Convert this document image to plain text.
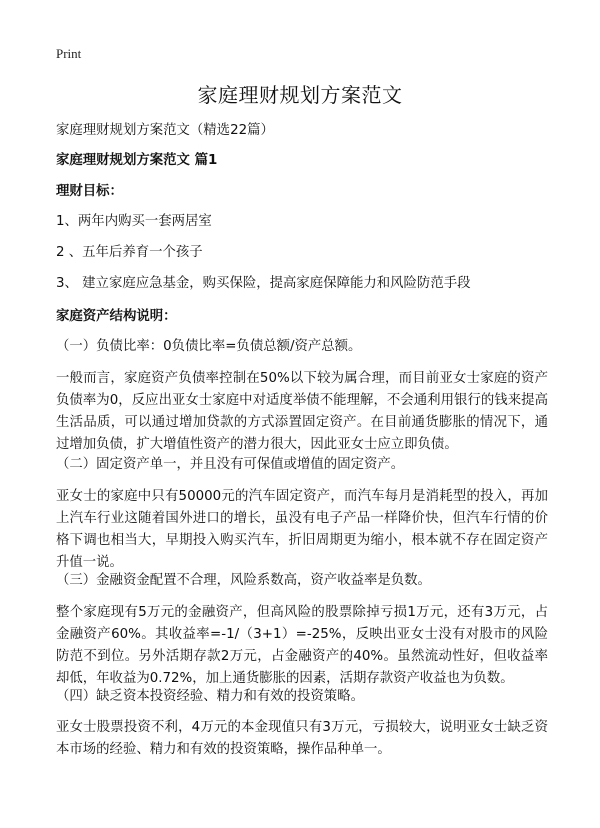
Print
家庭理财规划方案范文

家庭理财规划方案范文（精选22篇）

家庭理财规划方案范文 篇1

理财目标：

1、两年内购买一套两居室

2 、五年后养育一个孩子

3、 建立家庭应急基金，购买保险，提高家庭保障能力和风险防范手段

家庭资产结构说明：

（一）负债比率：0负债比率=负债总额/资产总额。

一般而言，家庭资产负债率控制在50%以下较为属合理，而目前亚女士家庭的资产负债率为0，反应出亚女士家庭中对适度举债不能理解，不会通利用银行的钱来提高生活品质，可以通过增加贷款的方式添置固定资产。在目前通货膨胀的情况下，通过增加负债，扩大增值性资产的潜力很大，因此亚女士应立即负债。

（二）固定资产单一，并且没有可保值或增值的固定资产。

亚女士的家庭中只有50000元的汽车固定资产，而汽车每月是消耗型的投入，再加上汽车行业这随着国外进口的增长，虽没有电子产品一样降价快，但汽车行情的价格下调也相当大，早期投入购买汽车，折旧周期更为缩小，根本就不存在固定资产升值一说。

（三）金融资金配置不合理，风险系数高，资产收益率是负数。

整个家庭现有5万元的金融资产，但高风险的股票除掉亏损1万元，还有3万元，占金融资产60%。其收益率=-1/（3+1）=-25%，反映出亚女士没有对股市的风险防范不到位。另外活期存款2万元，占金融资产的40%。虽然流动性好，但收益率却低，年收益为0.72%，加上通货膨胀的因素，活期存款资产收益也为负数。

（四）缺乏资本投资经验、精力和有效的投资策略。

亚女士股票投资不利，4万元的本金现值只有3万元，亏损较大，说明亚女士缺乏资本市场的经验、精力和有效的投资策略，操作品种单一。
